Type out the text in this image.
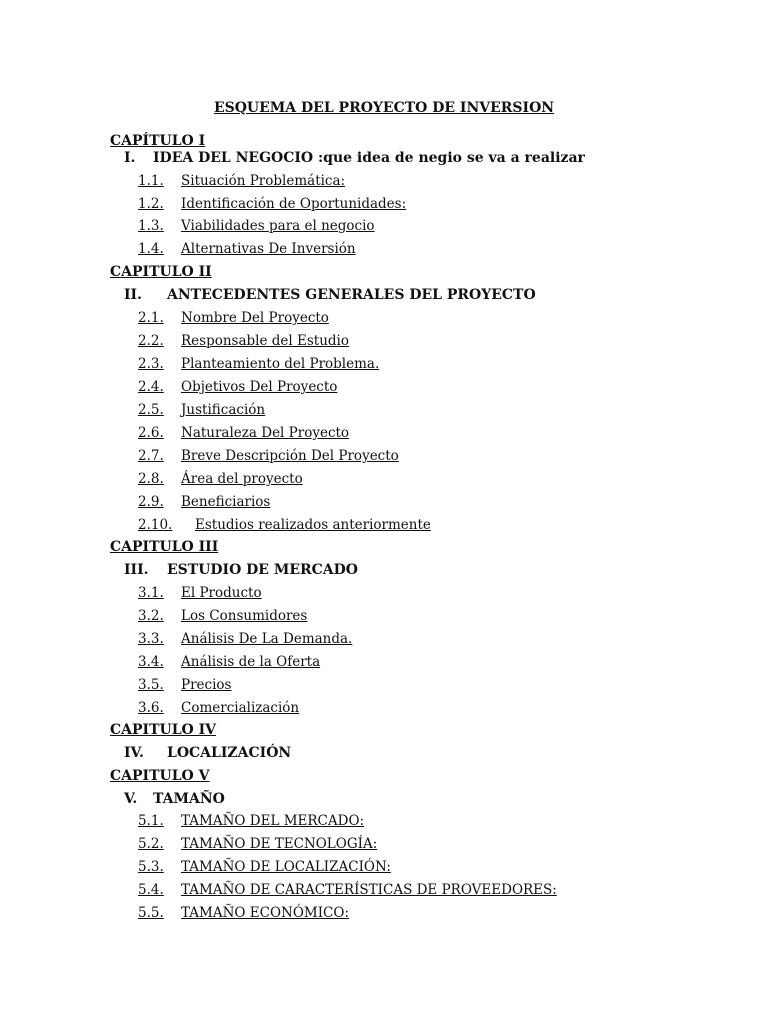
ESQUEMA DEL PROYECTO DE INVERSION
CAPÍTULO I
I. IDEA DEL NEGOCIO :que idea de negio se va a realizar
1.1. Situación Problemática:
1.2. Identificación de Oportunidades:
1.3. Viabilidades para el negocio
1.4. Alternativas De Inversión
CAPITULO II
II. ANTECEDENTES GENERALES DEL PROYECTO
2.1. Nombre Del Proyecto
2.2. Responsable del Estudio
2.3. Planteamiento del Problema.
2.4. Objetivos Del Proyecto
2.5. Justificación
2.6. Naturaleza Del Proyecto
2.7. Breve Descripción Del Proyecto
2.8. Área del proyecto
2.9. Beneficiarios
2.10. Estudios realizados anteriormente
CAPITULO III
III. ESTUDIO DE MERCADO
3.1. El Producto
3.2. Los Consumidores
3.3. Análisis De La Demanda.
3.4. Análisis de la Oferta
3.5. Precios
3.6. Comercialización
CAPITULO IV
IV. LOCALIZACIÓN
CAPITULO V
V. TAMAÑO
5.1. TAMAÑO DEL MERCADO:
5.2. TAMAÑO DE TECNOLOGÍA:
5.3. TAMAÑO DE LOCALIZACIÓN:
5.4. TAMAÑO DE CARACTERÍSTICAS DE PROVEEDORES:
5.5. TAMAÑO ECONÓMICO:
